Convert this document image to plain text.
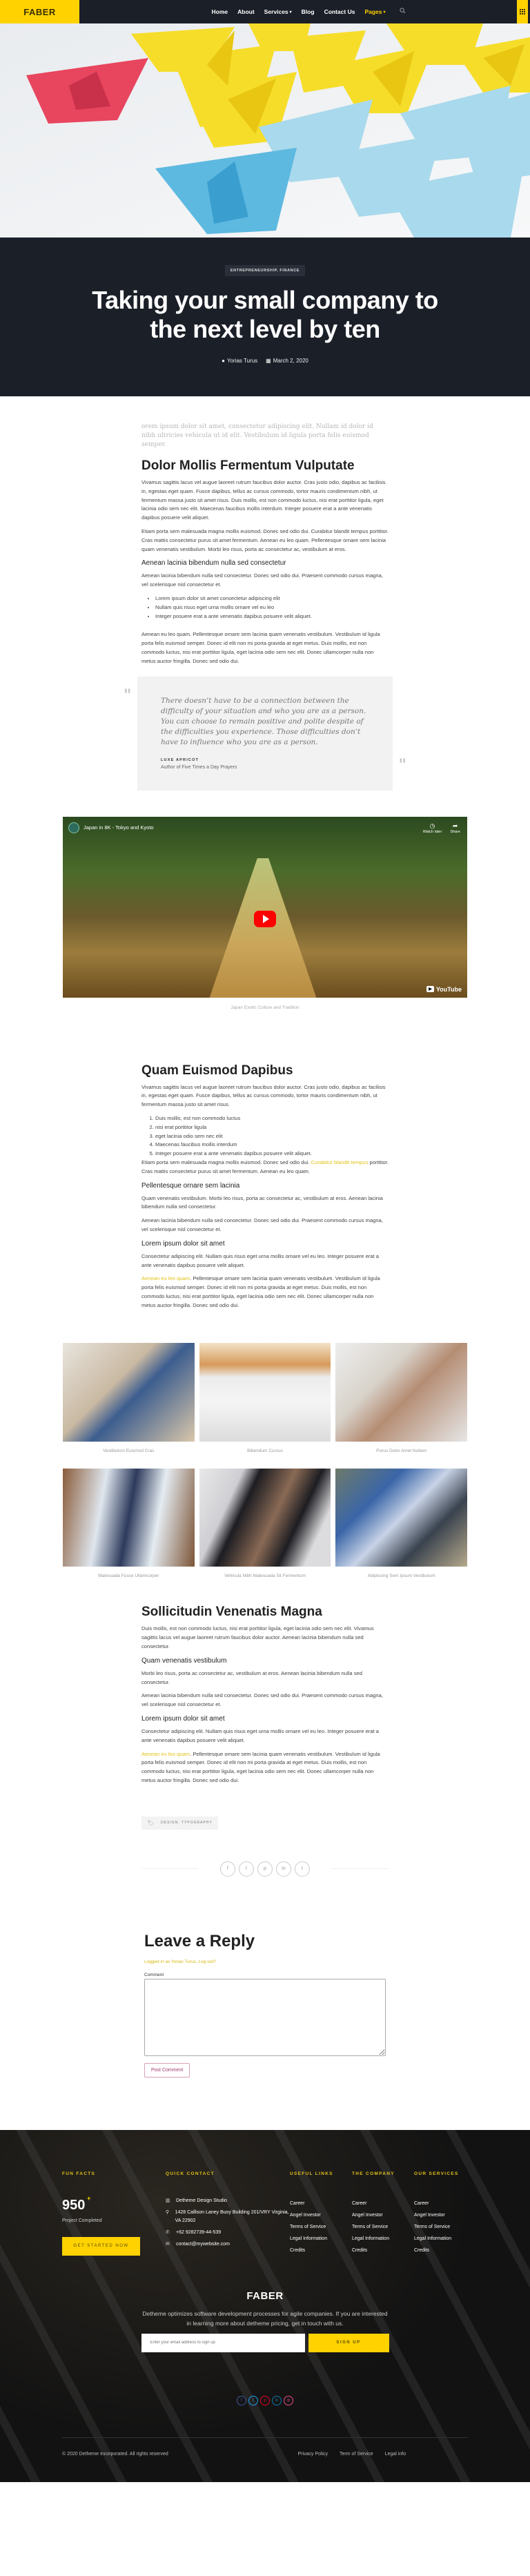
FABER	Home About Services ▾ Blog Contact Us Pages ▾
ENTREPRENEURSHIP, FINANCE
Taking your small company to the next level by ten
● Yorias Turus ▦ March 2, 2020

orem ipsum dolor sit amet, consectetur adipiscing elit. Nullam id dolor id nibh ultricies vehicula ut id elit. Vestibulum id ligula porta felis euismod semper.

Dolor Mollis Fermentum Vulputate

Vivamus sagittis lacus vel augue laoreet rutrum faucibus dolor auctor. Cras justo odio, dapibus ac facilisis in, egestas eget quam. Fusce dapibus, tellus ac cursus commodo, tortor mauris condimentum nibh, ut fermentum massa justo sit amet risus. Duis mollis, est non commodo luctus, nisi erat porttitor ligula, eget lacinia odio sem nec elit. Maecenas faucibus mollis interdum. Integer posuere erat a ante venenatis dapibus posuere velit aliquet.

Etiam porta sem malesuada magna mollis euismod. Donec sed odio dui. Curabitur blandit tempus porttitor. Cras mattis consectetur purus sit amet fermentum. Aenean eu leo quam. Pellentesque ornare sem lacinia quam venenatis vestibulum. Morbi leo risus, porta ac consectetur ac, vestibulum at eros.

Aenean lacinia bibendum nulla sed consectetur

Aenean lacinia bibendum nulla sed consectetur. Donec sed odio dui. Praesent commodo cursus magna, vel scelerisque nisl consectetur et.

• Lorem ipsum dolor sit amet consectetur adipiscing elit
• Nullam quis risus eget urna mollis ornare vel eu leo
• Integer posuere erat a ante venenatis dapibus posuere velit aliquet.

Aenean eu leo quam. Pellentesque ornare sem lacinia quam venenatis vestibulum. Vestibulum id ligula porta felis euismod semper. Donec id elit non mi porta gravida at eget metus. Duis mollis, est non commodo luctus, nisi erat porttitor ligula, eget lacinia odio sem nec elit. Donec ullamcorper nulla non metus auctor fringilla. Donec sed odio dui.

"	There doesn’t have to be a connection between the difficulty of your situation and who you are as a person. You can choose to remain positive and polite despite of the difficulties you experience. Those difficulties don’t have to influence who you are as a person.
LUXE APRICOT
Author of Five Times a Day Prayers	"
Japan in 8K - Tokyo and Kyoto	◷
Watch later
➦
Share
▶ YouTube
Japan Exotic Culture and Tradition
Quam Euismod Dapibus

Vivamus sagittis lacus vel augue laoreet rutrum faucibus dolor auctor. Cras justo odio, dapibus ac facilisis in, egestas eget quam. Fusce dapibus, tellus ac cursus commodo, tortor mauris condimentum nibh, ut fermentum massa justo sit amet risus.

1. Duis mollis, est non commodo luctus
2. nisi erat porttitor ligula
3. eget lacinia odio sem nec elit
4. Maecenas faucibus mollis interdum
5. Integer posuere erat a ante venenatis dapibus posuere velit aliquet.

Etiam porta sem malesuada magna mollis euismod. Donec sed odio dui. Curabitur blandit tempus porttitor. Cras mattis consectetur purus sit amet fermentum. Aenean eu leo quam.

Pellentesque ornare sem lacinia

Quam venenatis vestibulum. Morbi leo risus, porta ac consectetur ac, vestibulum at eros. Aenean lacinia bibendum nulla sed consectetur.

Aenean lacinia bibendum nulla sed consectetur. Donec sed odio dui. Praesent commodo cursus magna, vel scelerisque nisl consectetur et.

Lorem ipsum dolor sit amet

Consectetur adipiscing elit. Nullam quis risus eget urna mollis ornare vel eu leo. Integer posuere erat a ante venenatis dapibus posuere velit aliquet.

Aenean eu leo quam. Pellentesque ornare sem lacinia quam venenatis vestibulum. Vestibulum id ligula porta felis euismod semper. Donec id elit non mi porta gravida at eget metus. Duis mollis, est non commodo luctus, nisi erat porttitor ligula, eget lacinia odio sem nec elit. Donec ullamcorper nulla non metus auctor fringilla. Donec sed odio dui.

Vestibulum Euismod Cras	Bibendum Cursus	Purus Dolor Amet Nullam
Malesuada Fusce Ullamcorper	Vehicula Nibh Malesuada Sit Fermentum	Adipiscing Sem Ipsum Vestibulum
Sollicitudin Venenatis Magna

Duis mollis, est non commodo luctus, nisi erat porttitor ligula, eget lacinia odio sem nec elit. Vivamus sagittis lacus vel augue laoreet rutrum faucibus dolor auctor. Aenean lacinia bibendum nulla sed consectetur.

Quam venenatis vestibulum

Morbi leo risus, porta ac consectetur ac, vestibulum at eros. Aenean lacinia bibendum nulla sed consectetur.

Aenean lacinia bibendum nulla sed consectetur. Donec sed odio dui. Praesent commodo cursus magna, vel scelerisque nisl consectetur et.

Lorem ipsum dolor sit amet

Consectetur adipiscing elit. Nullam quis risus eget urna mollis ornare vel eu leo. Integer posuere erat a ante venenatis dapibus posuere velit aliquet.

Aenean eu leo quam. Pellentesque ornare sem lacinia quam venenatis vestibulum. Vestibulum id ligula porta felis euismod semper. Donec id elit non mi porta gravida at eget metus. Duis mollis, est non commodo luctus, nisi erat porttitor ligula, eget lacinia odio sem nec elit. Donec ullamcorper nulla non metus auctor fringilla. Donec sed odio dui.

🏷 DESIGN, TYPOGRAPHY
f	t	p	in	t
Leave a Reply
Logged in as Yorias Turus. Log out?
Comment
Post Comment
FUN FACTS
950 +
Project Completed
GET STARTED NOW
QUICK CONTACT
▥	Detheme Design Studio
⚲	1428 Callison Laney Buoy Building 201/VRY Virginia, VA 22902
✆	+62 9282739-44-539
✉	contact@mywebsite.com
USEFUL LINKS
Career
Angel Investor
Terms of Service
Legal Information
Credits
THE COMPANY
Career
Angel Investor
Terms of Service
Legal Information
Credits
OUR SERVICES
Career
Angel Investor
Terms of Service
Legal Information
Credits
FABER

Detheme optimizes software development processes for agile companies. If you are interested in learning more about detheme pricing, get in touch with us.

Enter your email address to sign up
SIGN UP
f	t	p	in	◎
© 2020 Detheme Incorporated. All rights reserved	Privacy Policy Term of Service Legal info
